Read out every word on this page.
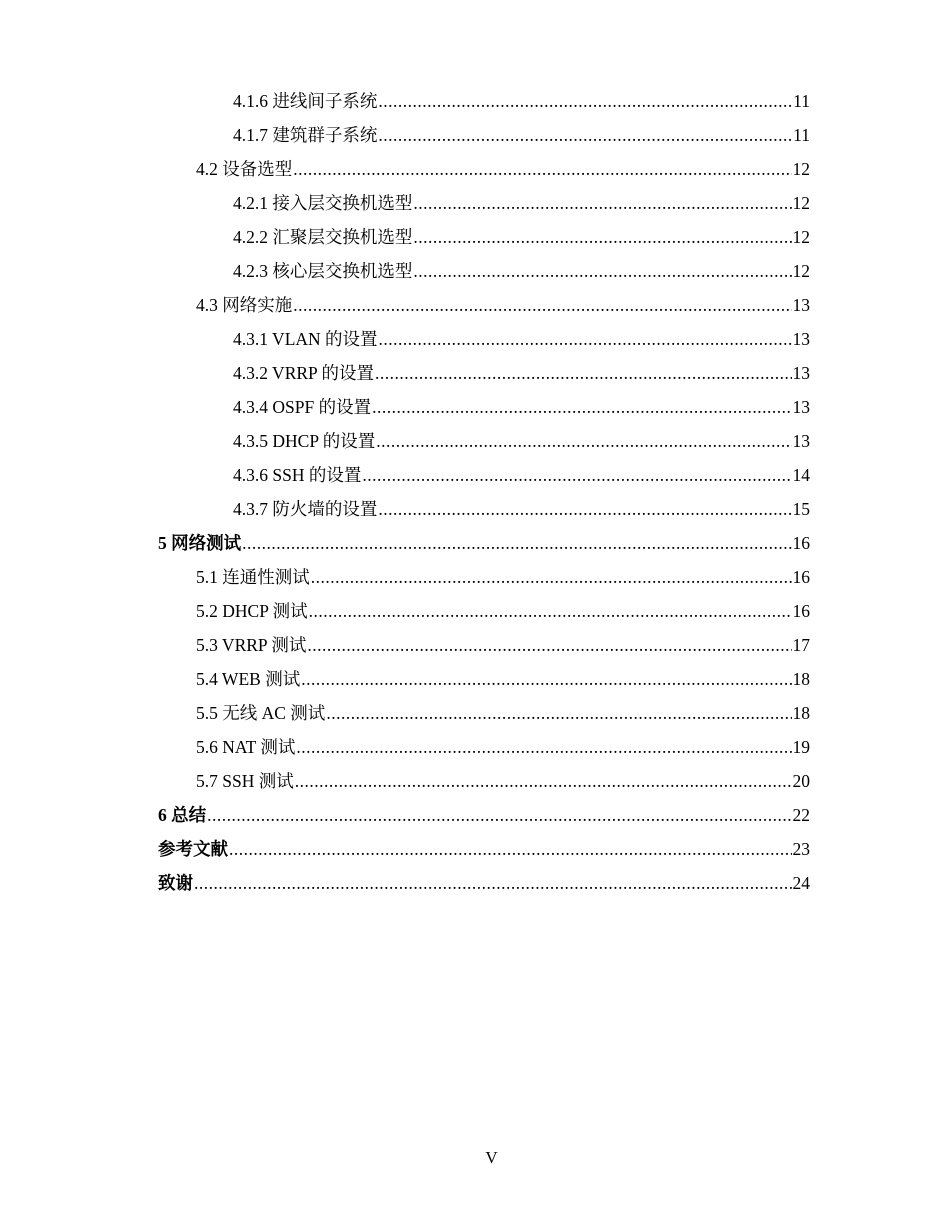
4.1.6 进线间子系统 .....	11
4.1.7 建筑群子系统 .....	11
4.2 设备选型 .....	12
4.2.1 接入层交换机选型 .....	12
4.2.2 汇聚层交换机选型 .....	12
4.2.3 核心层交换机选型 .....	12
4.3 网络实施 .....	13
4.3.1 VLAN 的设置 .....	13
4.3.2 VRRP 的设置 .....	13
4.3.4 OSPF 的设置 .....	13
4.3.5 DHCP 的设置 .....	13
4.3.6 SSH 的设置 .....	14
4.3.7 防火墙的设置 .....	15
5 网络测试 .....	16
5.1 连通性测试 .....	16
5.2 DHCP 测试 .....	16
5.3 VRRP 测试 .....	17
5.4 WEB 测试 .....	18
5.5 无线 AC 测试 .....	18
5.6 NAT 测试 .....	19
5.7 SSH 测试 .....	20
6 总结 .....	22
参考文献 .....	23
致谢 .....	24
V
